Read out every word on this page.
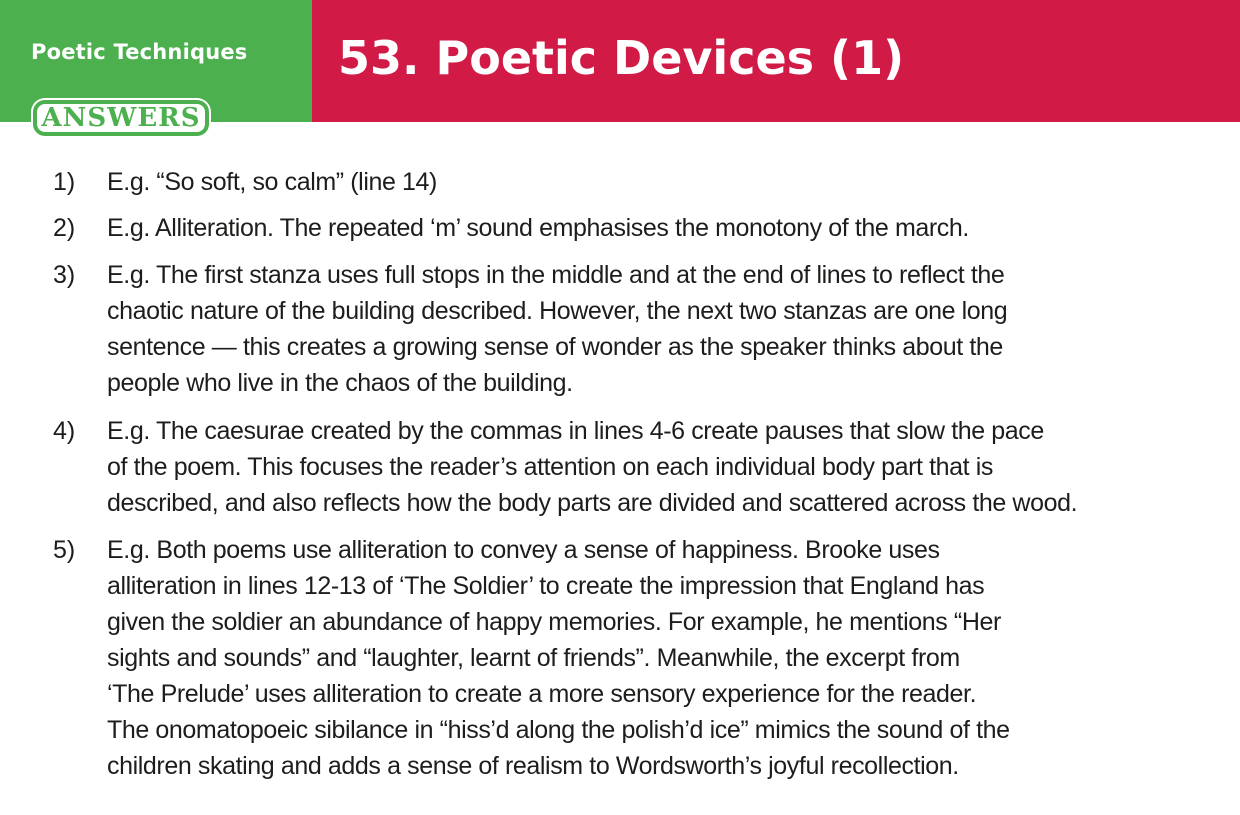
Poetic Techniques 53. Poetic Devices (1)
ANSWERS
1) E.g. “So soft, so calm” (line 14)
2) E.g. Alliteration. The repeated ‘m’ sound emphasises the monotony of the march.
3) E.g. The first stanza uses full stops in the middle and at the end of lines to reflect the
chaotic nature of the building described. However, the next two stanzas are one long
sentence — this creates a growing sense of wonder as the speaker thinks about the
people who live in the chaos of the building.
4) E.g. The caesurae created by the commas in lines 4-6 create pauses that slow the pace
of the poem. This focuses the reader’s attention on each individual body part that is
described, and also reflects how the body parts are divided and scattered across the wood.
5) E.g. Both poems use alliteration to convey a sense of happiness. Brooke uses
alliteration in lines 12-13 of ‘The Soldier’ to create the impression that England has
given the soldier an abundance of happy memories. For example, he mentions “Her
sights and sounds” and “laughter, learnt of friends”. Meanwhile, the excerpt from
‘The Prelude’ uses alliteration to create a more sensory experience for the reader.
The onomatopoeic sibilance in “hiss’d along the polish’d ice” mimics the sound of the
children skating and adds a sense of realism to Wordsworth’s joyful recollection.
